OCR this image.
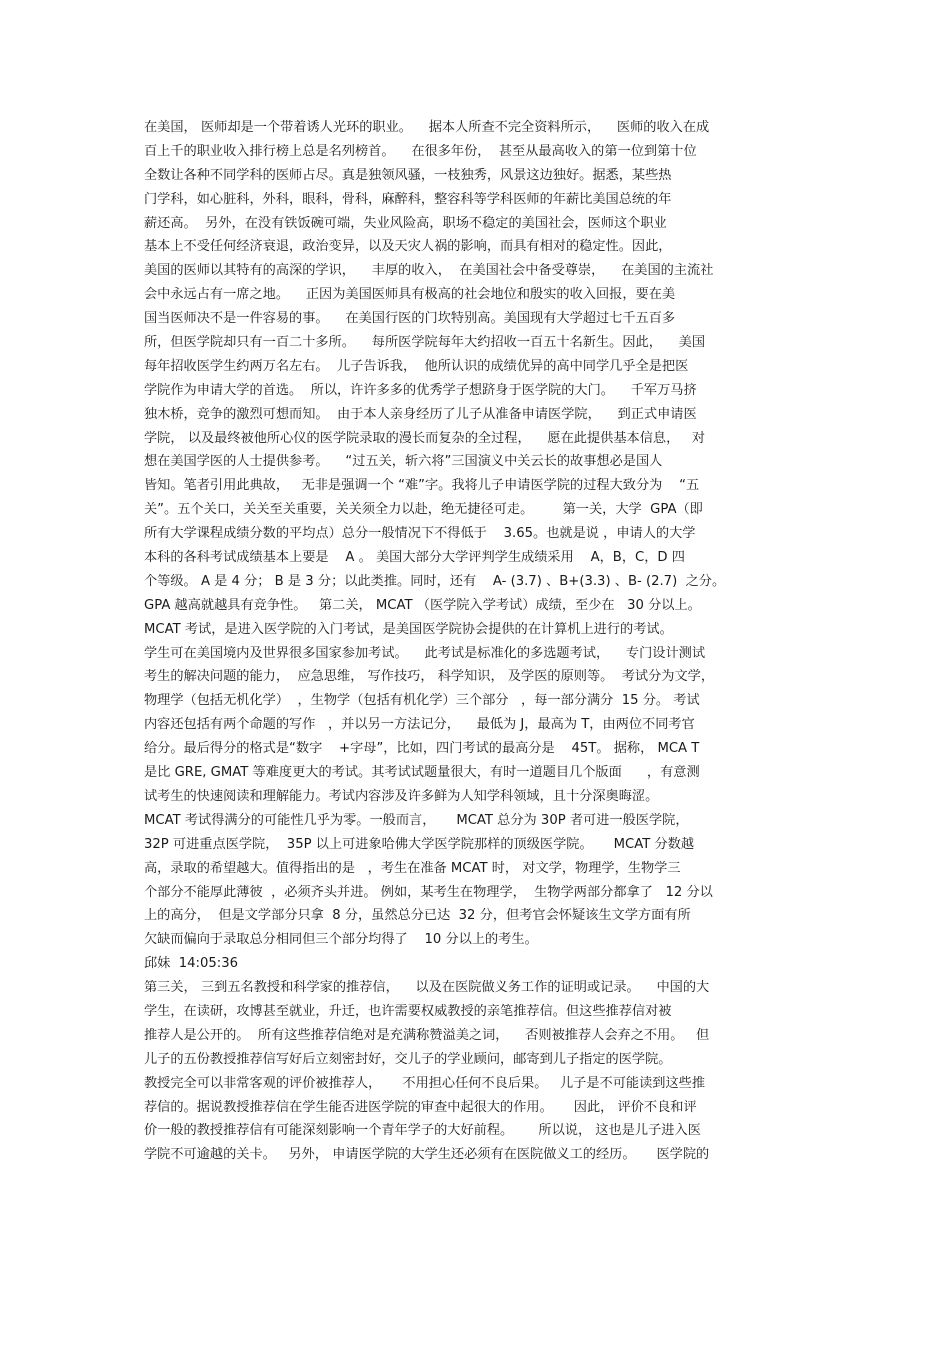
在美国， 医师却是一个带着诱人光环的职业。    据本人所查不完全资料所示，    医师的收入在成
百上千的职业收入排行榜上总是名列榜首。    在很多年份，  甚至从最高收入的第一位到第十位
全数让各种不同学科的医师占尽。真是独领风骚，一枝独秀，风景这边独好。据悉，某些热
门学科，如心脏科，外科，眼科，骨科，麻醉科，整容科等学科医师的年薪比美国总统的年
薪还高。  另外，在没有铁饭碗可端，失业风险高，职场不稳定的美国社会，医师这个职业
基本上不受任何经济衰退，政治变异，以及天灾人祸的影响，而具有相对的稳定性。因此，
美国的医师以其特有的高深的学识，    丰厚的收入，  在美国社会中备受尊崇，    在美国的主流社
会中永远占有一席之地。    正因为美国医师具有极高的社会地位和殷实的收入回报，要在美
国当医师决不是一件容易的事。    在美国行医的门坎特别高。美国现有大学超过七千五百多
所，但医学院却只有一百二十多所。    每所医学院每年大约招收一百五十名新生。因此，    美国
每年招收医学生约两万名左右。  儿子告诉我，  他所认识的成绩优异的高中同学几乎全是把医
学院作为申请大学的首选。  所以，许许多多的优秀学子想跻身于医学院的大门。    千军万马挤
独木桥，竞争的激烈可想而知。  由于本人亲身经历了儿子从准备申请医学院，    到正式申请医
学院， 以及最终被他所心仪的医学院录取的漫长而复杂的全过程，    愿在此提供基本信息，   对
想在美国学医的人士提供参考。    “过五关，斩六将”三国演义中关云长的故事想必是国人
皆知。笔者引用此典故，   无非是强调一个 “难”字。我将儿子申请医学院的过程大致分为    “五
关”。五个关口，关关至关重要，关关须全力以赴，绝无捷径可走。       第一关，大学  GPA（即
所有大学课程成绩分数的平均点）总分一般情况下不得低于    3.65。也就是说 ，申请人的大学
本科的各科考试成绩基本上要是    A 。 美国大部分大学评判学生成绩采用    A，B，C，D 四
个等级。 A 是 4 分； B 是 3 分；以此类推。同时，还有    A- (3.7) 、B+(3.3) 、B- (2.7)  之分。
GPA 越高就越具有竞争性。   第二关， MCAT （医学院入学考试）成绩，至少在   30 分以上。
MCAT 考试，是进入医学院的入门考试，是美国医学院协会提供的在计算机上进行的考试。
学生可在美国境内及世界很多国家参加考试。    此考试是标准化的多选题考试，    专门设计测试
考生的解决问题的能力，  应急思维， 写作技巧， 科学知识， 及学医的原则等。  考试分为文学，
物理学（包括无机化学）  ，生物学（包括有机化学）三个部分   ，每一部分满分  15 分。 考试
内容还包括有两个命题的写作   ，并以另一方法记分，    最低为 J，最高为 T，由两位不同考官
给分。最后得分的格式是“数字    +字母”，比如，四门考试的最高分是    45T。 据称， MCA T
是比 GRE, GMAT 等难度更大的考试。其考试试题量很大，有时一道题目几个版面      ，有意测
试考生的快速阅读和理解能力。考试内容涉及许多鲜为人知学科领域，且十分深奥晦涩。
MCAT 考试得满分的可能性几乎为零。一般而言，     MCAT 总分为 30P 者可进一般医学院，
32P 可进重点医学院，  35P 以上可进象哈佛大学医学院那样的顶级医学院。     MCAT 分数越
高，录取的希望越大。值得指出的是   ，考生在准备 MCAT 时， 对文学，物理学，生物学三
个部分不能厚此薄彼  ，必须齐头并进。 例如，某考生在物理学，  生物学两部分都拿了   12 分以
上的高分，  但是文学部分只拿  8 分，虽然总分已达  32 分，但考官会怀疑该生文学方面有所
欠缺而偏向于录取总分相同但三个部分均得了    10 分以上的考生。
邱妹  14:05:36
第三关， 三到五名教授和科学家的推荐信，    以及在医院做义务工作的证明或记录。    中国的大
学生，在读研，攻博甚至就业，升迁，也许需要权威教授的亲笔推荐信。但这些推荐信对被
推荐人是公开的。  所有这些推荐信绝对是充满称赞溢美之词，    否则被推荐人会弃之不用。   但
儿子的五份教授推荐信写好后立刻密封好，交儿子的学业顾问，邮寄到儿子指定的医学院。
教授完全可以非常客观的评价被推荐人，     不用担心任何不良后果。   儿子是不可能读到这些推
荐信的。据说教授推荐信在学生能否进医学院的审查中起很大的作用。     因此， 评价不良和评
价一般的教授推荐信有可能深刻影响一个青年学子的大好前程。      所以说， 这也是儿子进入医
学院不可逾越的关卡。   另外， 申请医学院的大学生还必须有在医院做义工的经历。     医学院的
